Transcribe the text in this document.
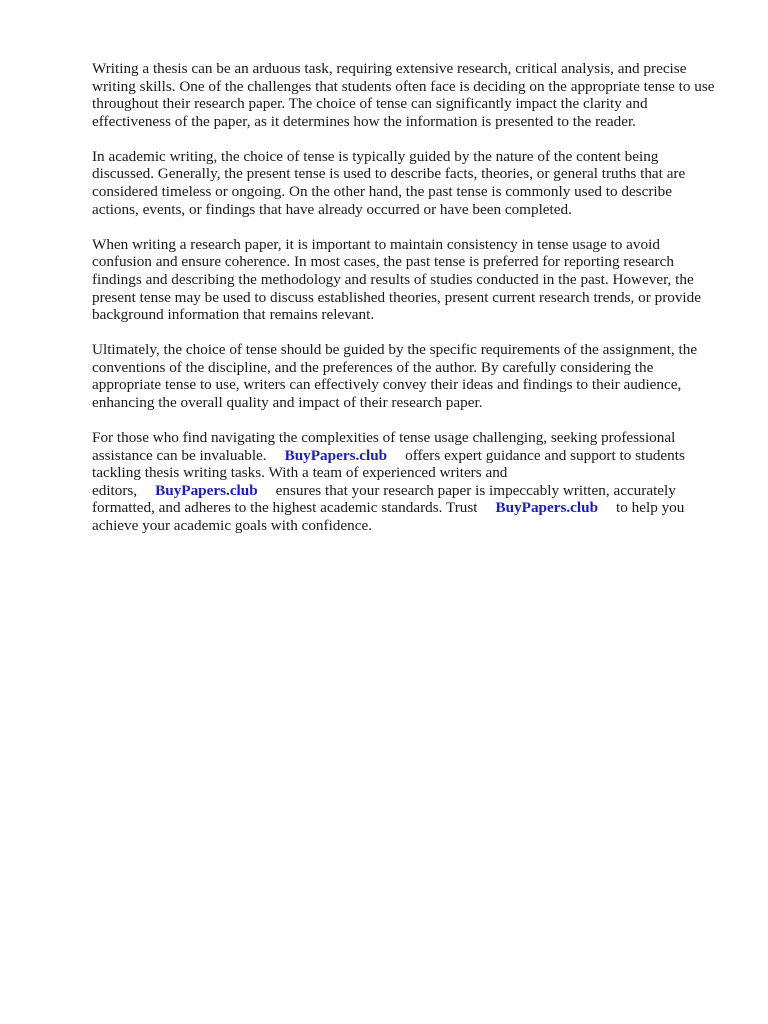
Writing a thesis can be an arduous task, requiring extensive research, critical analysis, and precise writing skills. One of the challenges that students often face is deciding on the appropriate tense to use throughout their research paper. The choice of tense can significantly impact the clarity and effectiveness of the paper, as it determines how the information is presented to the reader.

In academic writing, the choice of tense is typically guided by the nature of the content being discussed. Generally, the present tense is used to describe facts, theories, or general truths that are considered timeless or ongoing. On the other hand, the past tense is commonly used to describe actions, events, or findings that have already occurred or have been completed.

When writing a research paper, it is important to maintain consistency in tense usage to avoid confusion and ensure coherence. In most cases, the past tense is preferred for reporting research findings and describing the methodology and results of studies conducted in the past. However, the present tense may be used to discuss established theories, present current research trends, or provide background information that remains relevant.

Ultimately, the choice of tense should be guided by the specific requirements of the assignment, the conventions of the discipline, and the preferences of the author. By carefully considering the appropriate tense to use, writers can effectively convey their ideas and findings to their audience, enhancing the overall quality and impact of their research paper.

For those who find navigating the complexities of tense usage challenging, seeking professional assistance can be invaluable. BuyPapers.club offers expert guidance and support to students tackling thesis writing tasks. With a team of experienced writers and editors, BuyPapers.club ensures that your research paper is impeccably written, accurately formatted, and adheres to the highest academic standards. Trust BuyPapers.club to help you achieve your academic goals with confidence.
